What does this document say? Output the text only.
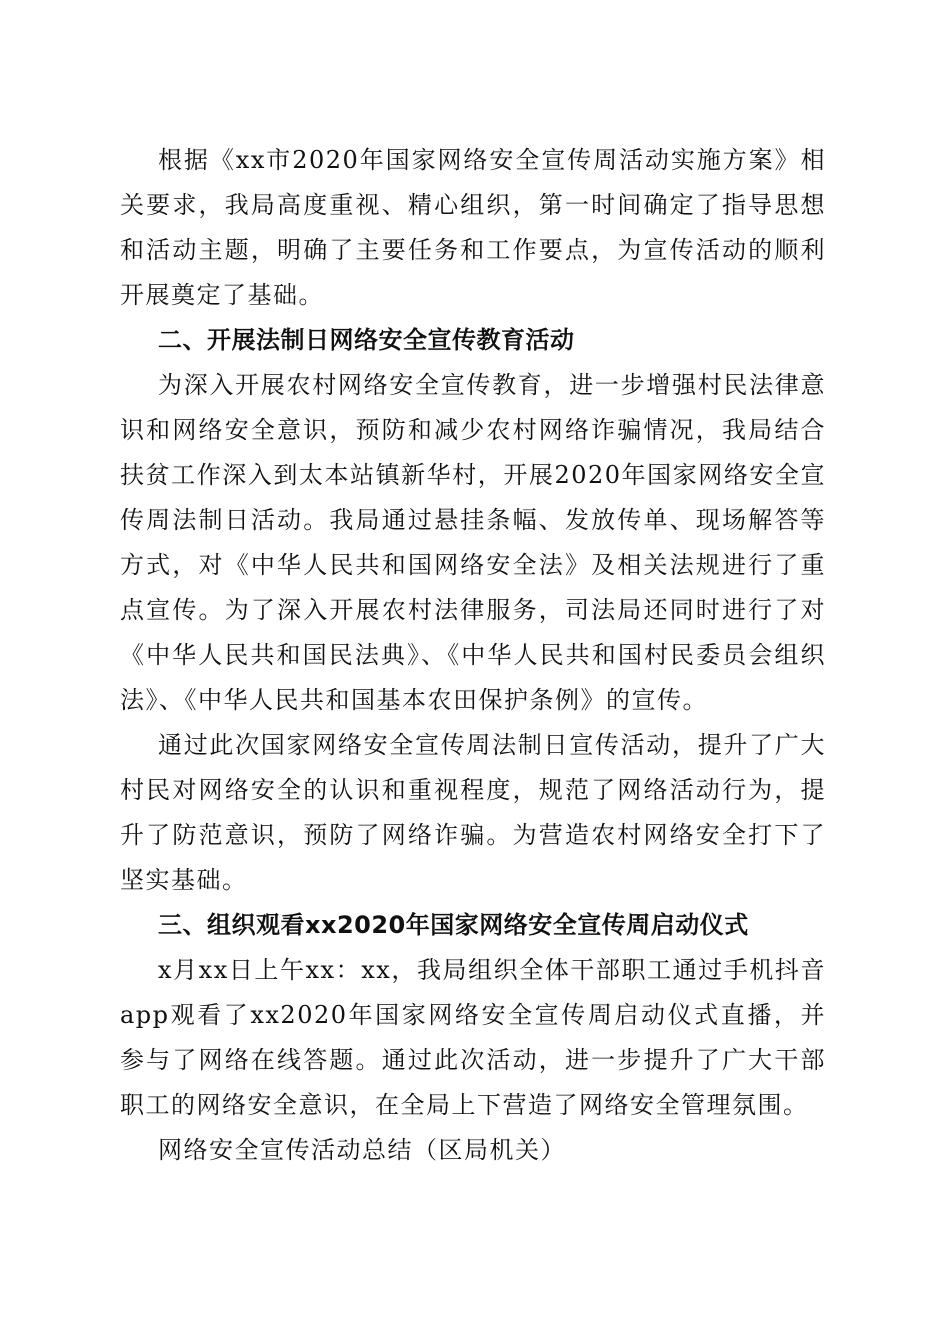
根据《xx市2020年国家网络安全宣传周活动实施方案》相关要求，我局高度重视、精心组织，第一时间确定了指导思想和活动主题，明确了主要任务和工作要点，为宣传活动的顺利开展奠定了基础。

二、开展法制日网络安全宣传教育活动

为深入开展农村网络安全宣传教育，进一步增强村民法律意识和网络安全意识，预防和减少农村网络诈骗情况，我局结合扶贫工作深入到太本站镇新华村，开展2020年国家网络安全宣传周法制日活动。我局通过悬挂条幅、发放传单、现场解答等方式，对《中华人民共和国网络安全法》及相关法规进行了重点宣传。为了深入开展农村法律服务，司法局还同时进行了对《中华人民共和国民法典》、《中华人民共和国村民委员会组织法》、《中华人民共和国基本农田保护条例》的宣传。

通过此次国家网络安全宣传周法制日宣传活动，提升了广大村民对网络安全的认识和重视程度，规范了网络活动行为，提升了防范意识，预防了网络诈骗。为营造农村网络安全打下了坚实基础。

三、组织观看xx2020年国家网络安全宣传周启动仪式

x月xx日上午xx：xx，我局组织全体干部职工通过手机抖音app观看了xx2020年国家网络安全宣传周启动仪式直播，并参与了网络在线答题。通过此次活动，进一步提升了广大干部职工的网络安全意识，在全局上下营造了网络安全管理氛围。

网络安全宣传活动总结（区局机关）
